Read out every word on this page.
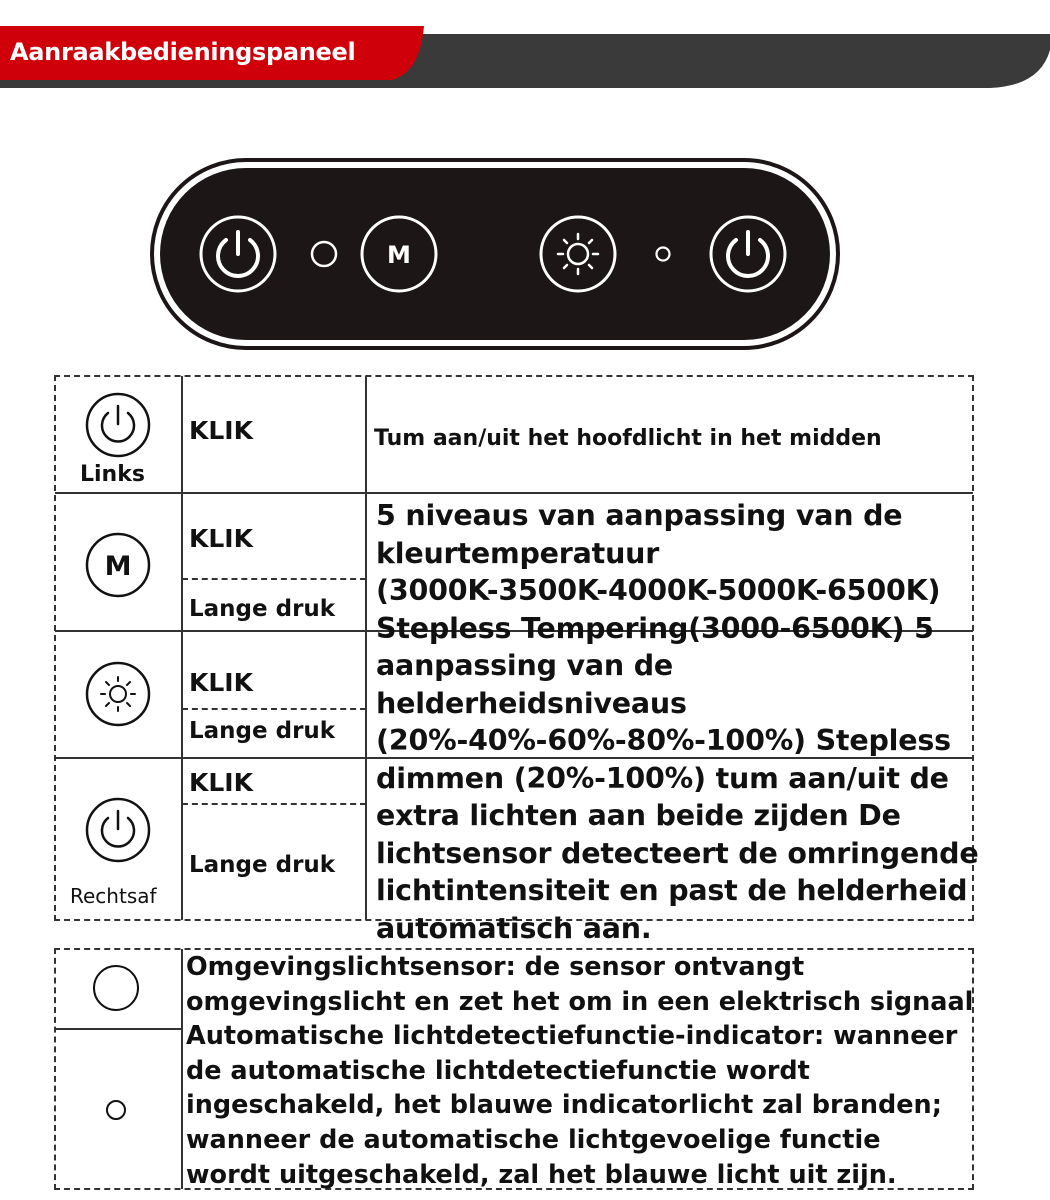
Aanraakbedieningspaneel
M
Links
KLIK	Tum aan/uit het hoofdlicht in het midden
M
KLIK
Lange druk
KLIK
Lange druk
Rechtsaf
KLIK
Lange druk
5 niveaus van aanpassing van de
kleurtemperatuur
(3000K-3500K-4000K-5000K-6500K)
Stepless Tempering(3000-6500K) 5
aanpassing van de
helderheidsniveaus
(20%-40%-60%-80%-100%) Stepless
dimmen (20%-100%) tum aan/uit de
extra lichten aan beide zijden De
lichtsensor detecteert de omringende
lichtintensiteit en past de helderheid
automatisch aan.
Omgevingslichtsensor: de sensor ontvangt
omgevingslicht en zet het om in een elektrisch signaal
Automatische lichtdetectiefunctie-indicator: wanneer
de automatische lichtdetectiefunctie wordt
ingeschakeld, het blauwe indicatorlicht zal branden;
wanneer de automatische lichtgevoelige functie
wordt uitgeschakeld, zal het blauwe licht uit zijn.
